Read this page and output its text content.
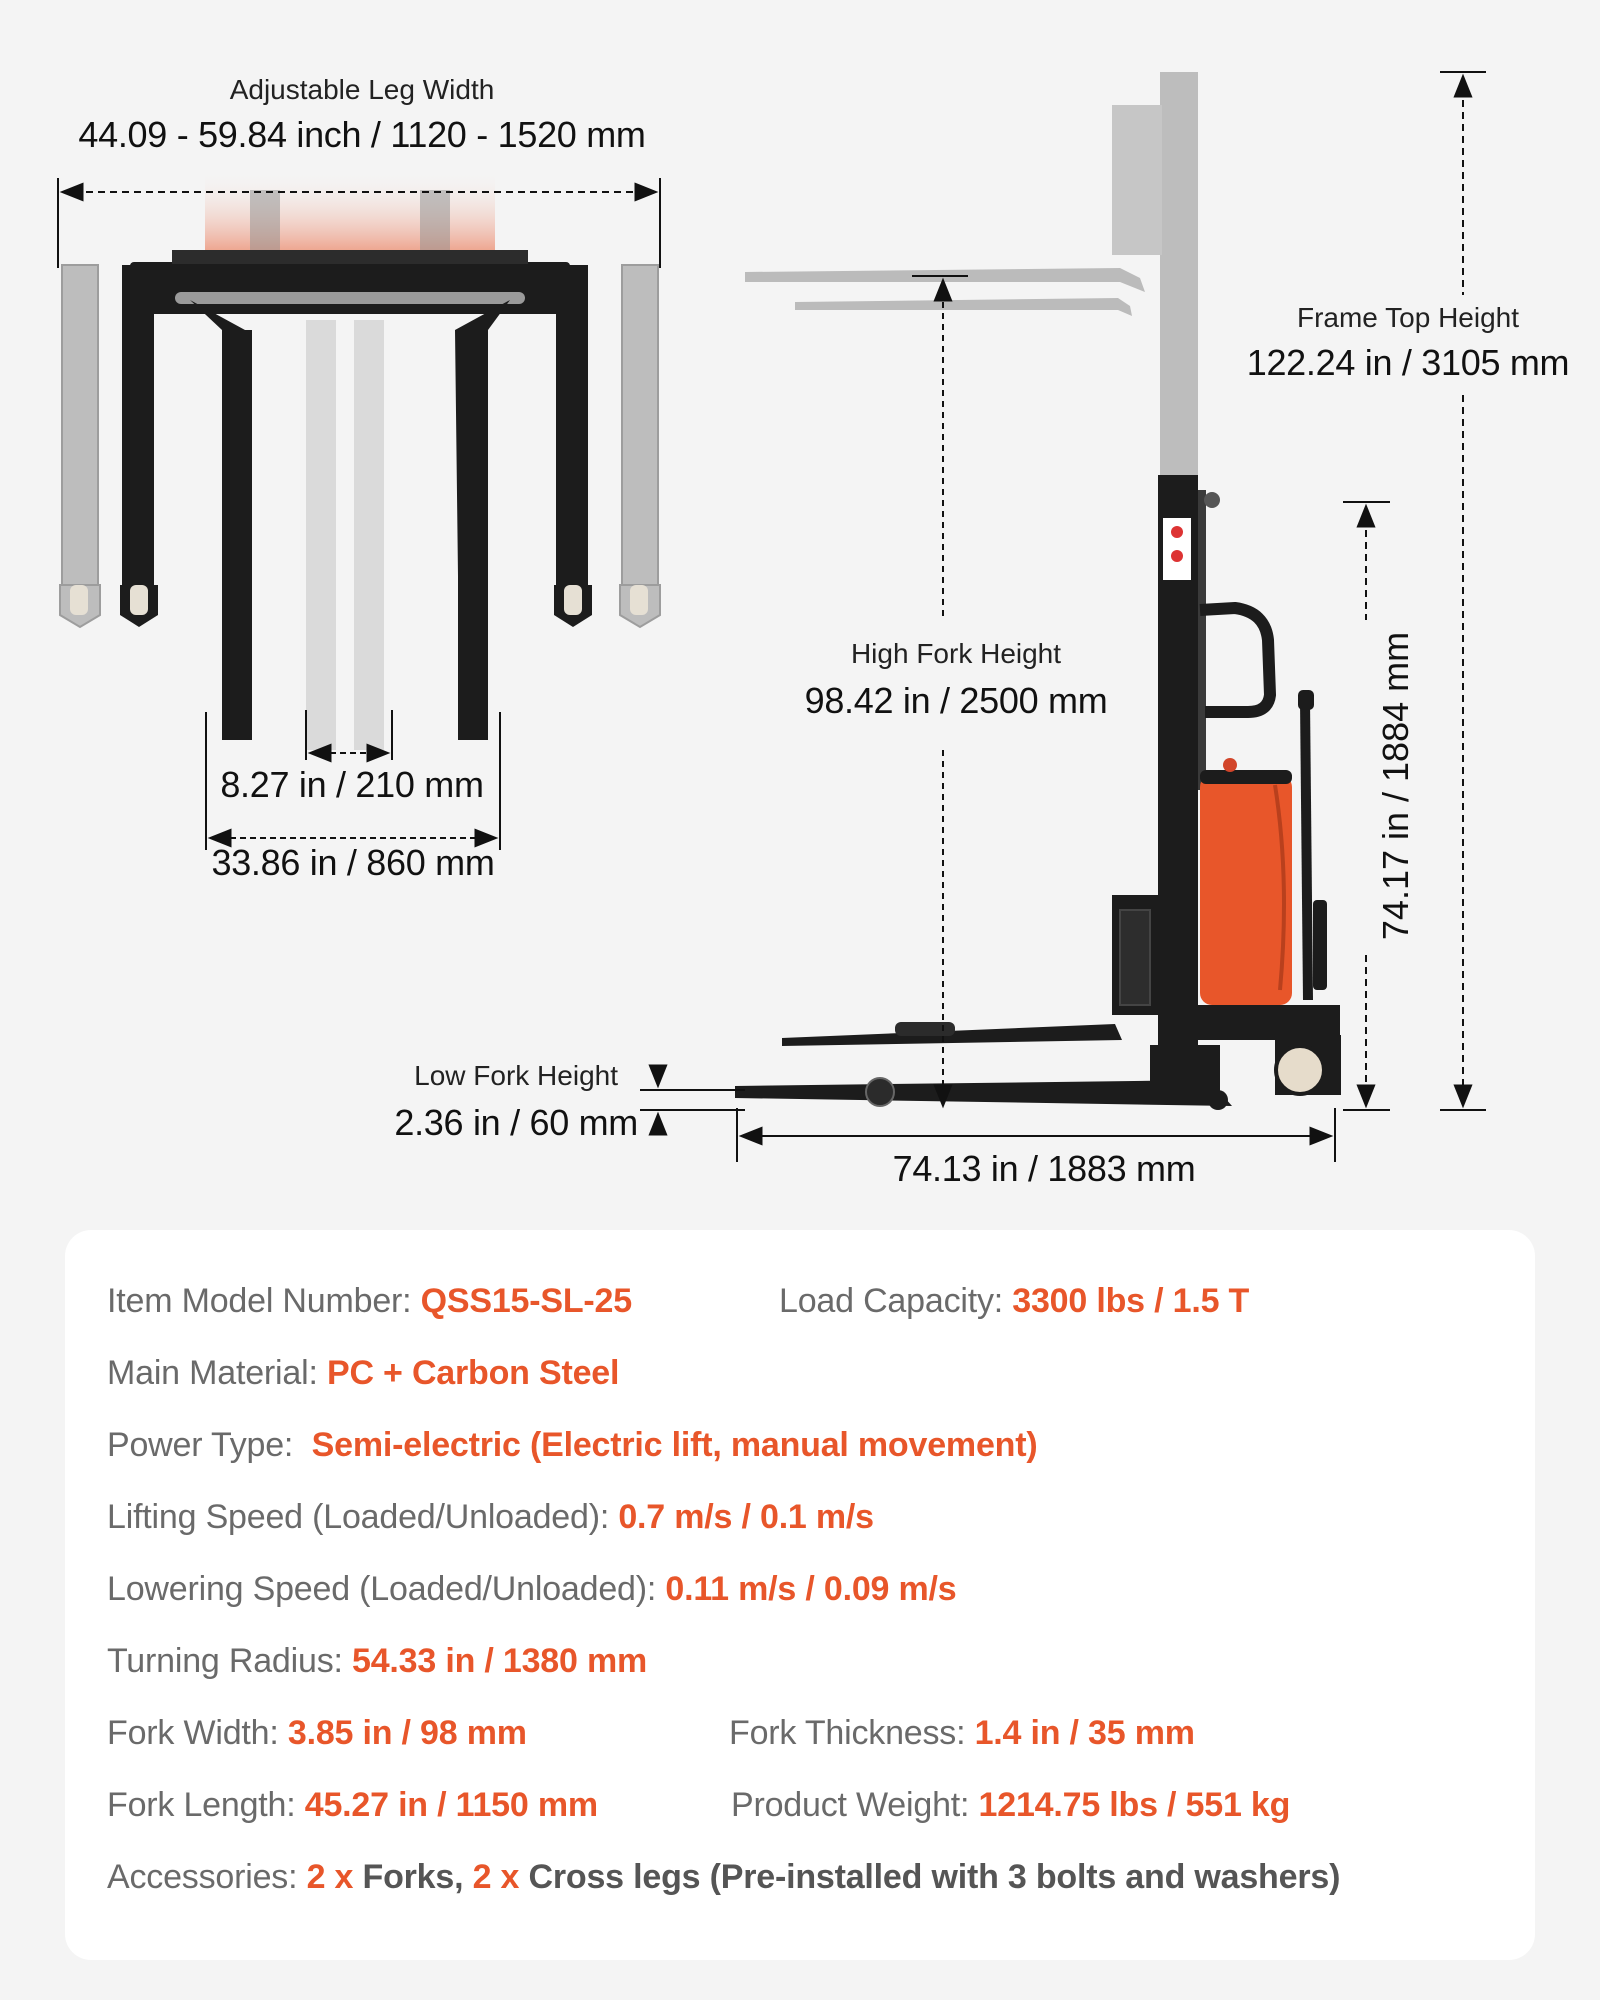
Adjustable Leg Width
44.09 - 59.84 inch / 1120 - 1520 mm
8.27 in / 210 mm
33.86 in / 860 mm
Frame Top Height
122.24 in / 3105 mm
High Fork Height
98.42 in / 2500 mm	74.17 in / 1884 mm
Low Fork Height
2.36 in / 60 mm
74.13 in / 1883 mm
Item Model Number: QSS15-SL-25	Load Capacity: 3300 lbs / 1.5 T
Main Material: PC + Carbon Steel
Power Type:  Semi-electric (Electric lift, manual movement)
Lifting Speed (Loaded/Unloaded): 0.7 m/s / 0.1 m/s
Lowering Speed (Loaded/Unloaded): 0.11 m/s / 0.09 m/s
Turning Radius: 54.33 in / 1380 mm
Fork Width: 3.85 in / 98 mm	Fork Thickness: 1.4 in / 35 mm
Fork Length: 45.27 in / 1150 mm	Product Weight: 1214.75 lbs / 551 kg
Accessories: 2 x Forks, 2 x Cross legs (Pre-installed with 3 bolts and washers)
